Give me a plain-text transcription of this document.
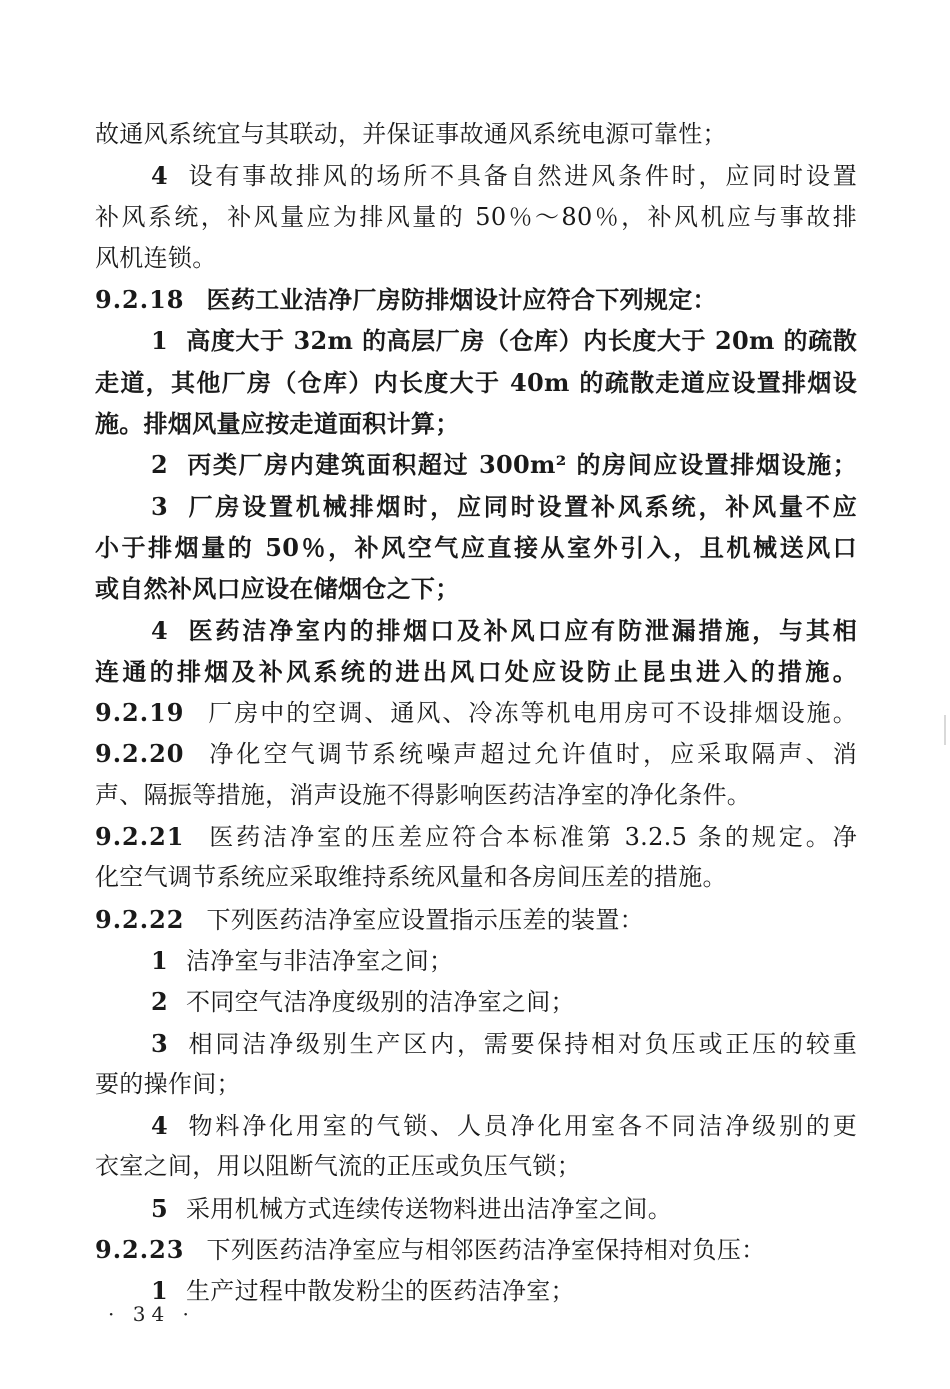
故通风系统宜与其联动，并保证事故通风系统电源可靠性；
4 设有事故排风的场所不具备自然进风条件时，应同时设置
补风系统，补风量应为排风量的 50％～80％，补风机应与事故排
风机连锁。
9.2.18 医药工业洁净厂房防排烟设计应符合下列规定：
1 高度大于 32m 的高层厂房（仓库）内长度大于 20m 的疏散
走道，其他厂房（仓库）内长度大于 40m 的疏散走道应设置排烟设
施。排烟风量应按走道面积计算；
2 丙类厂房内建筑面积超过 300m² 的房间应设置排烟设施；
3 厂房设置机械排烟时，应同时设置补风系统，补风量不应
小于排烟量的 50％，补风空气应直接从室外引入，且机械送风口
或自然补风口应设在储烟仓之下；
4 医药洁净室内的排烟口及补风口应有防泄漏措施，与其相
连通的排烟及补风系统的进出风口处应设防止昆虫进入的措施。
9.2.19 厂房中的空调、通风、冷冻等机电用房可不设排烟设施。
9.2.20 净化空气调节系统噪声超过允许值时，应采取隔声、消
声、隔振等措施，消声设施不得影响医药洁净室的净化条件。
9.2.21 医药洁净室的压差应符合本标准第 3.2.5 条的规定。净
化空气调节系统应采取维持系统风量和各房间压差的措施。
9.2.22 下列医药洁净室应设置指示压差的装置：
1 洁净室与非洁净室之间；
2 不同空气洁净度级别的洁净室之间；
3 相同洁净级别生产区内，需要保持相对负压或正压的较重
要的操作间；
4 物料净化用室的气锁、人员净化用室各不同洁净级别的更
衣室之间，用以阻断气流的正压或负压气锁；
5 采用机械方式连续传送物料进出洁净室之间。
9.2.23 下列医药洁净室应与相邻医药洁净室保持相对负压：
1 生产过程中散发粉尘的医药洁净室；
· 34 ·
